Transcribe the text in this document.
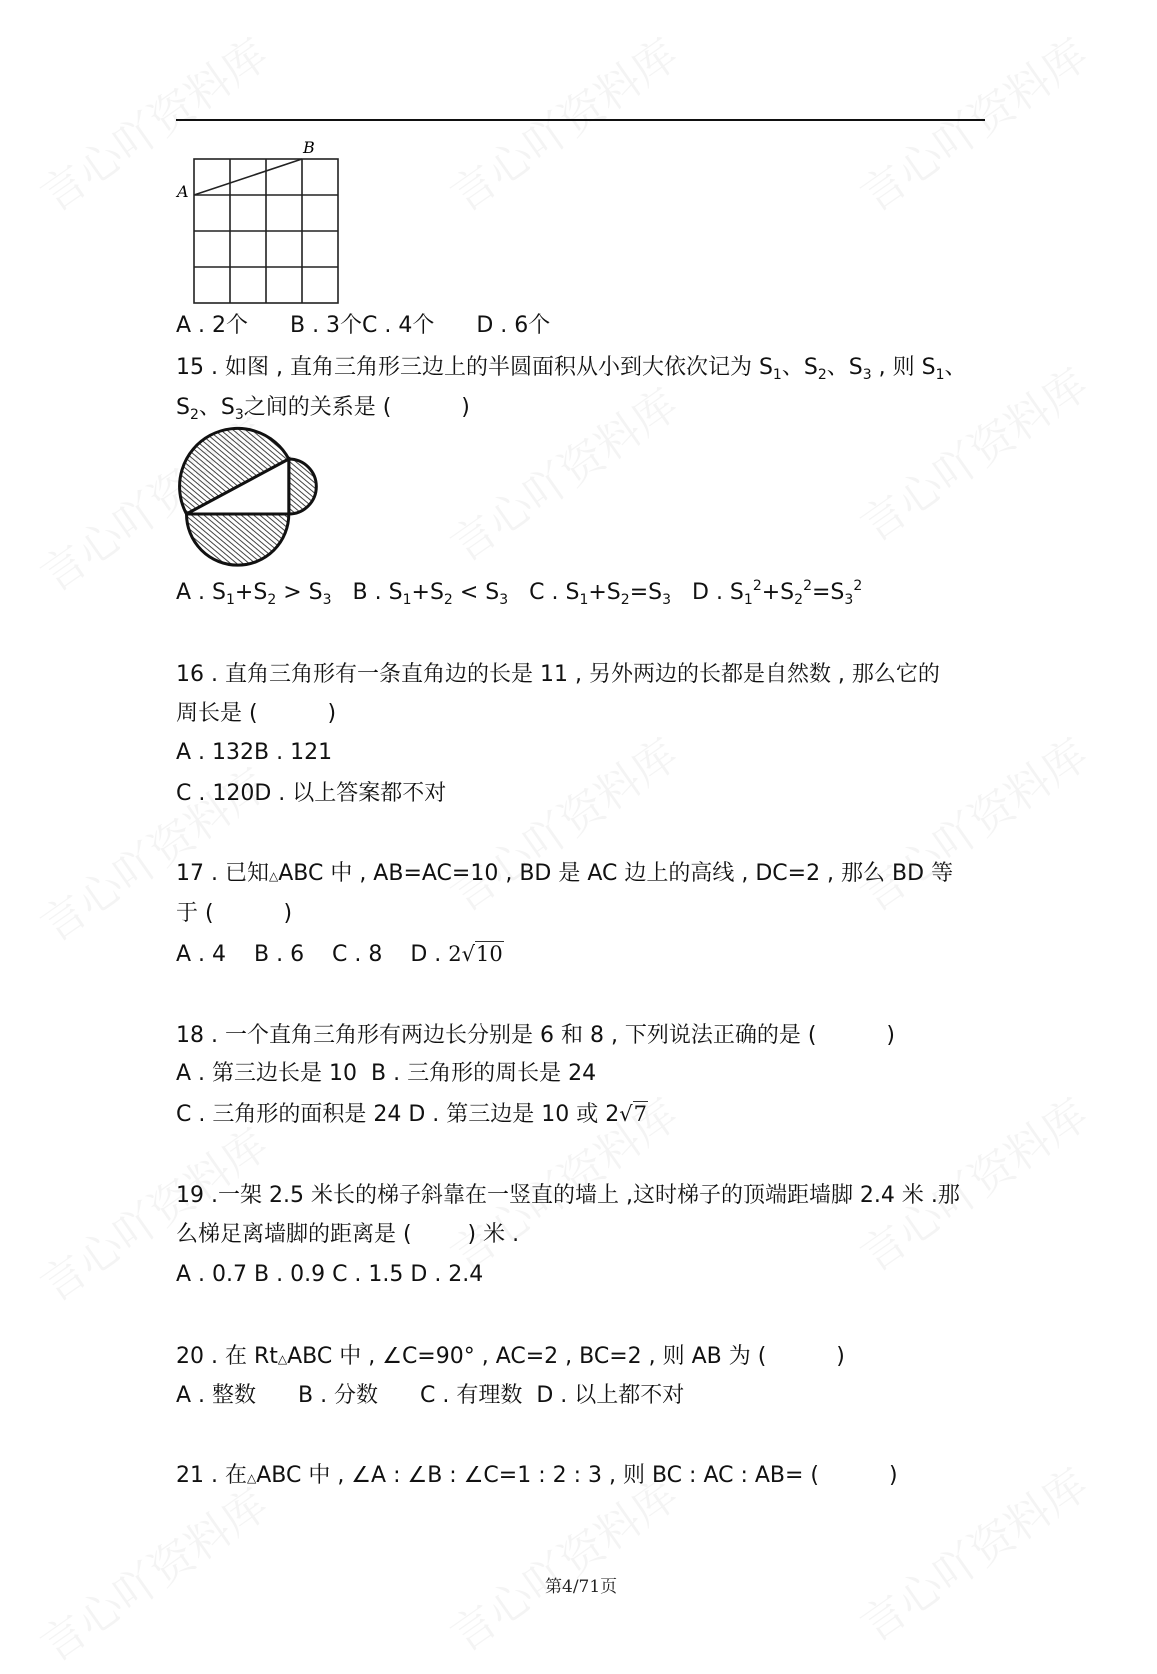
A
B
A . 2个      B . 3个C . 4个      D . 6个
15 . 如图 , 直角三角形三边上的半圆面积从小到大依次记为 $S_1$、$S_2$、$S_3$ , 则 $S_1$、
$S_2$、$S_3$之间的关系是 (          )
A . $S_1+S_2 > S_3$   B . $S_1+S_2 < S_3$   C . $S_1+S_2=S_3$   D . $S_1^2+S_2^2=S_3^2$
16 . 直角三角形有一条直角边的长是 11 , 另外两边的长都是自然数 , 那么它的
周长是 (          )
A . 132B . 121
C . 120D . 以上答案都不对
17 . 已知△ABC 中 , AB=AC=10 , BD 是 AC 边上的高线 , DC=2 , 那么 BD 等
于 (          )
A . 4    B . 6    C . 8    D . 2√10
18 . 一个直角三角形有两边长分别是 6 和 8 , 下列说法正确的是 (          )
A . 第三边长是 10  B . 三角形的周长是 24
C . 三角形的面积是 24 D . 第三边是 10 或 2√7
19 .一架 2.5 米长的梯子斜靠在一竖直的墙上 ,这时梯子的顶端距墙脚 2.4 米 .那
么梯足离墙脚的距离是 (        ) 米 .
A . 0.7 B . 0.9 C . 1.5 D . 2.4
20 . 在 Rt△ABC 中 , ∠C=90° , AC=2 , BC=2 , 则 AB 为 (          )
A . 整数      B . 分数      C . 有理数  D . 以上都不对
21 . 在△ABC 中 , ∠A : ∠B : ∠C=1 : 2 : 3 , 则 BC : AC : AB= (          )
第4/71页
